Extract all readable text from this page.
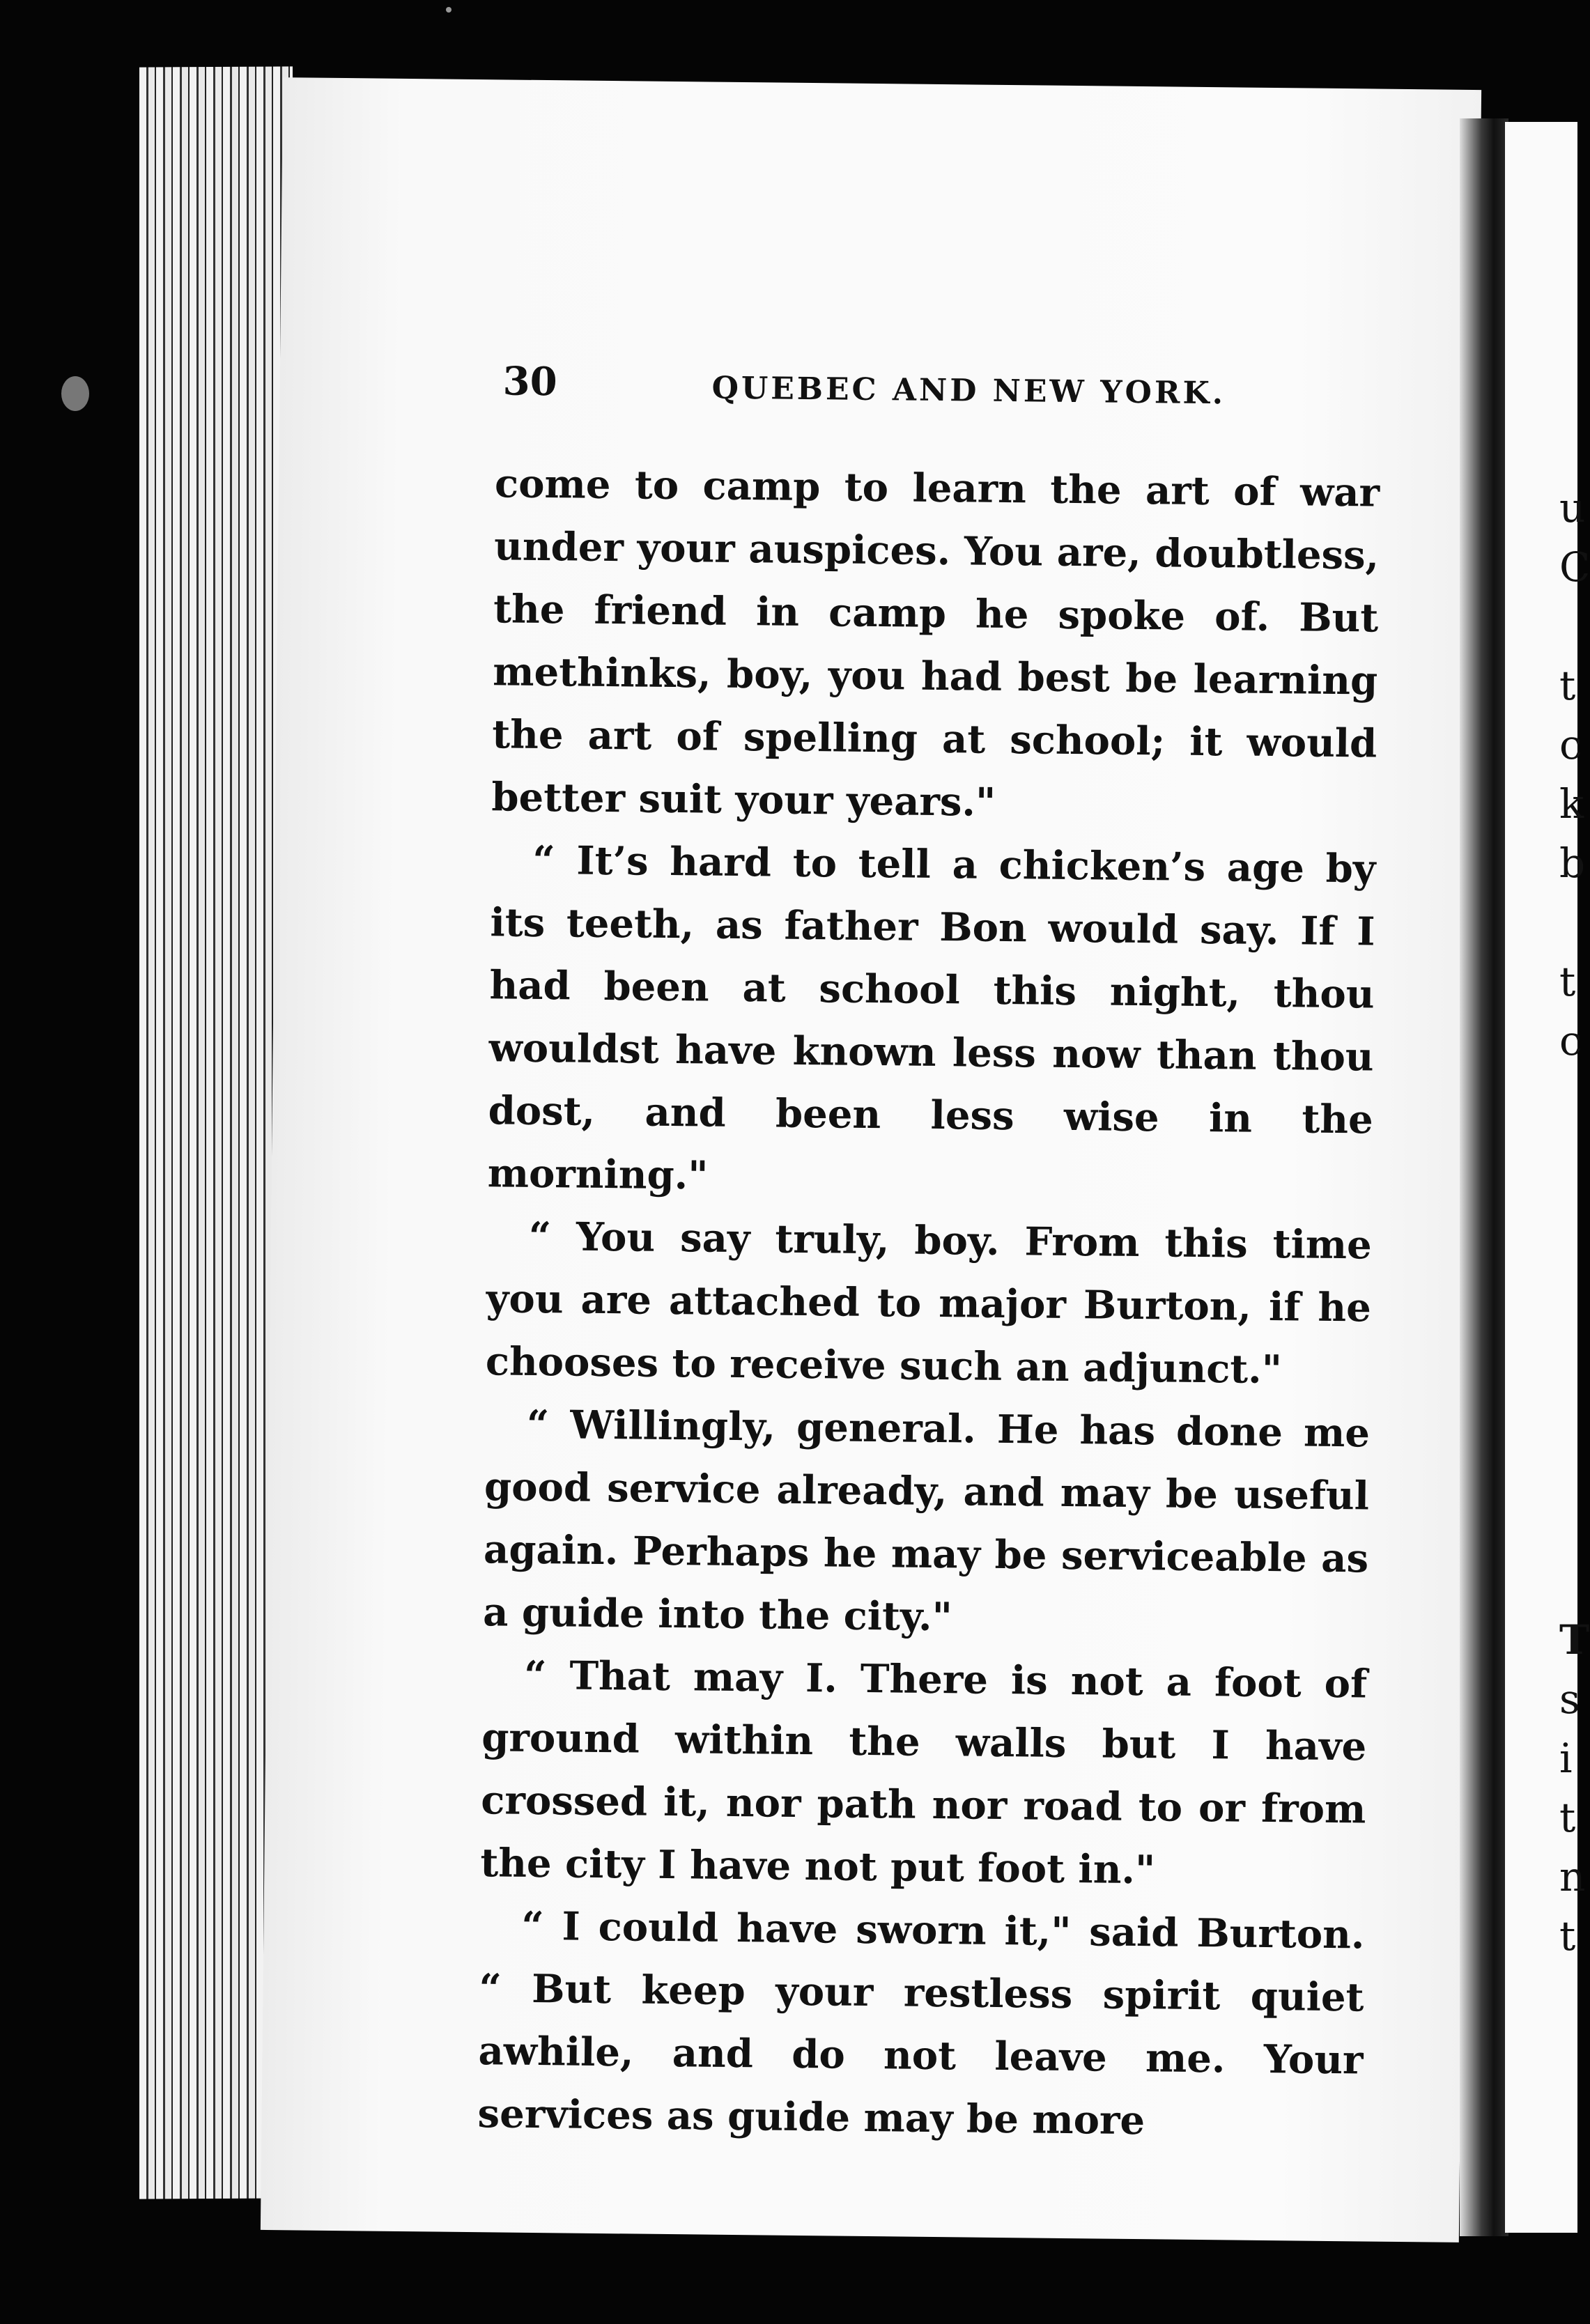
30	QUEBEC AND NEW YORK.

come to camp to learn the art of war under your auspices. You are, doubtless, the friend in camp he spoke of. But methinks, boy, you had best be learning the art of spelling at school; it would better suit your years."

“ It’s hard to tell a chicken’s age by its teeth, as father Bon would say. If I had been at school this night, thou wouldst have known less now than thou dost, and been less wise in the morning."

“ You say truly, boy. From this time you are attached to major Burton, if he chooses to receive such an adjunct."

“ Willingly, general. He has done me good service already, and may be useful again. Perhaps he may be serviceable as a guide into the city."

“ That may I. There is not a foot of ground within the walls but I have crossed it, nor path nor road to or from the city I have not put foot in."

“ I could have sworn it," said Burton. “ But keep your restless spirit quiet awhile, and do not leave me. Your services as guide may be more

u
C
t
c
k
b
t
c
T
s
i
t
n
t
